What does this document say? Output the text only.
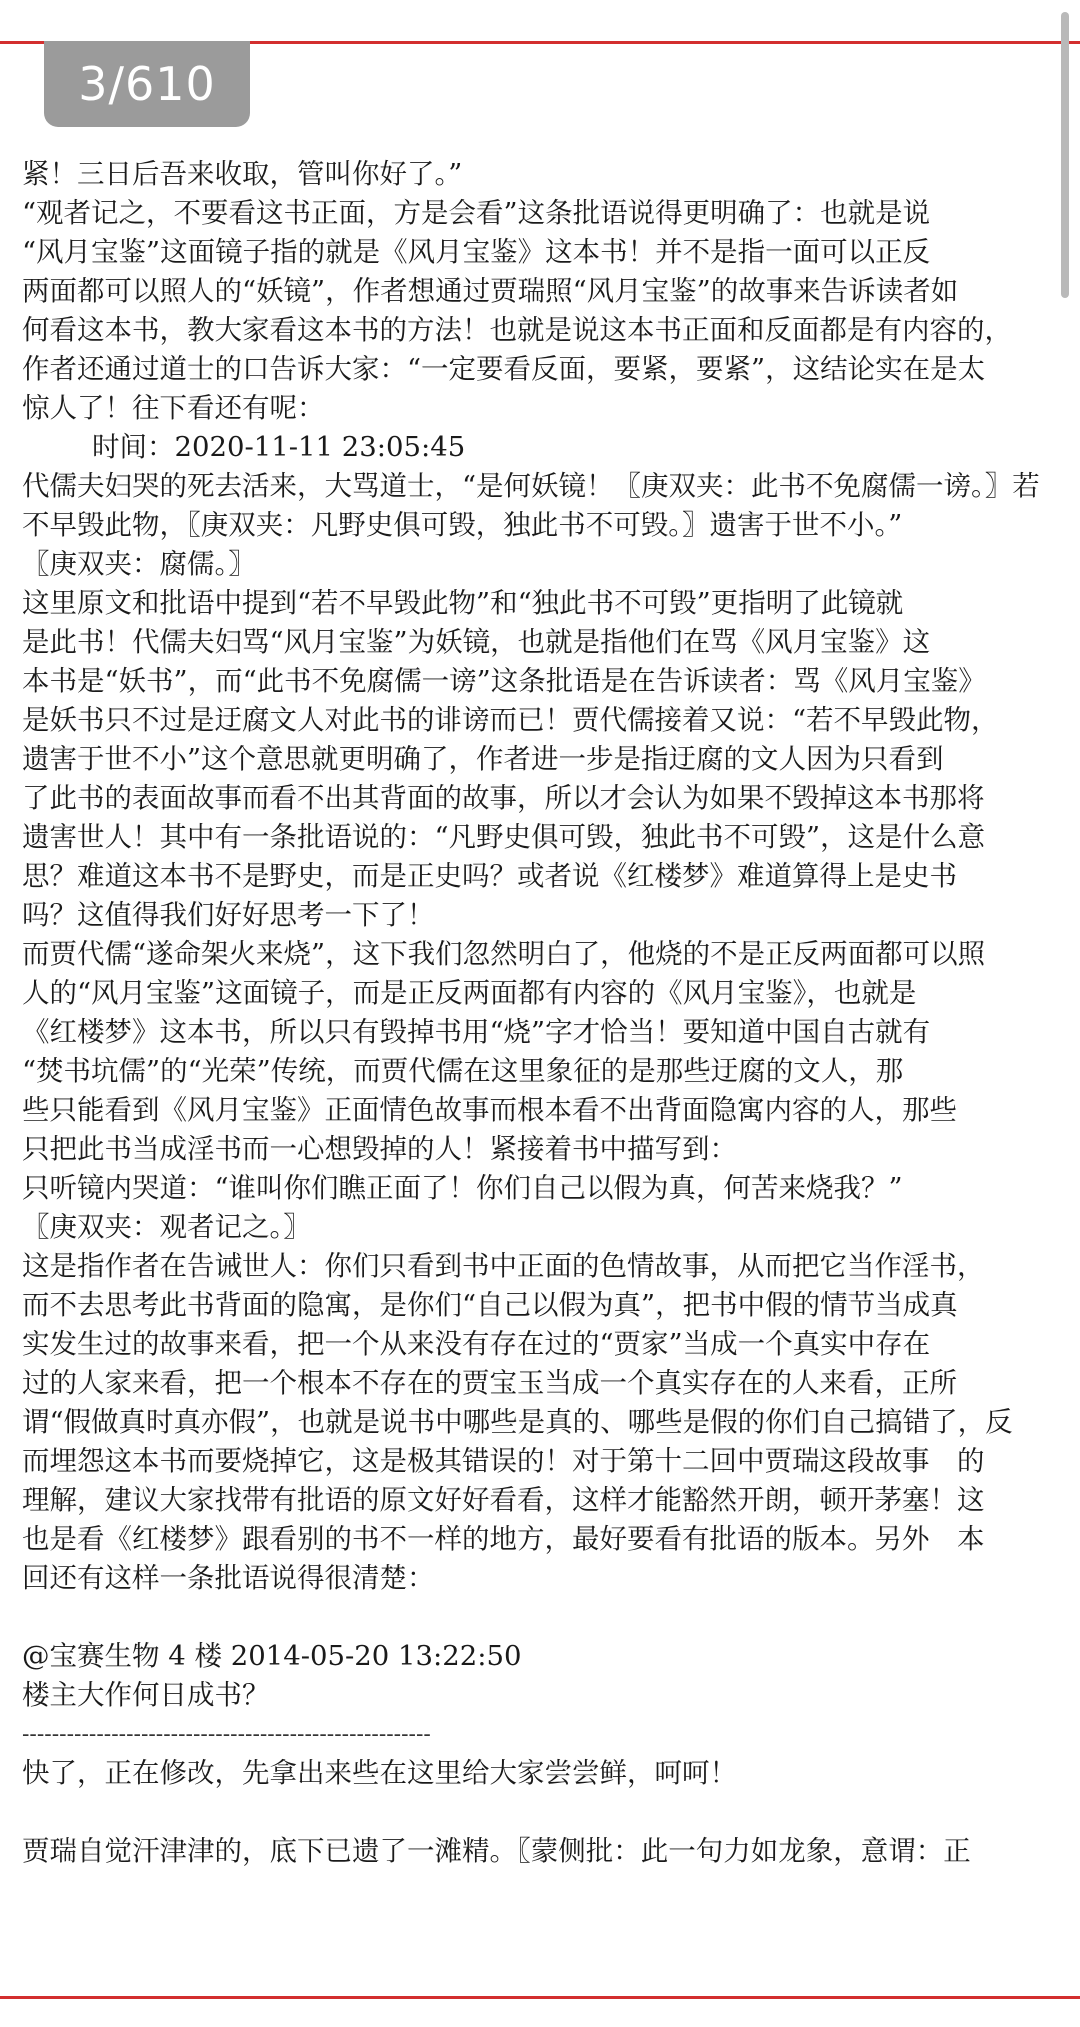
3/610
紧！三日后吾来收取，管叫你好了。”
“观者记之，不要看这书正面，方是会看”这条批语说得更明确了：也就是说
“风月宝鉴”这面镜子指的就是《风月宝鉴》这本书！并不是指一面可以正反
两面都可以照人的“妖镜”，作者想通过贾瑞照“风月宝鉴”的故事来告诉读者如
何看这本书，教大家看这本书的方法！也就是说这本书正面和反面都是有内容的，
作者还通过道士的口告诉大家：“一定要看反面，要紧，要紧”，这结论实在是太
惊人了！往下看还有呢：
时间：2020-11-11 23:05:45
代儒夫妇哭的死去活来，大骂道士，“是何妖镜！〖庚双夹：此书不免腐儒一谤。〗若
不早毁此物，〖庚双夹：凡野史俱可毁，独此书不可毁。〗遗害于世不小。”
〖庚双夹：腐儒。〗
这里原文和批语中提到“若不早毁此物”和“独此书不可毁”更指明了此镜就
是此书！代儒夫妇骂“风月宝鉴”为妖镜，也就是指他们在骂《风月宝鉴》这
本书是“妖书”，而“此书不免腐儒一谤”这条批语是在告诉读者：骂《风月宝鉴》
是妖书只不过是迂腐文人对此书的诽谤而已！贾代儒接着又说：“若不早毁此物，
遗害于世不小”这个意思就更明确了，作者进一步是指迂腐的文人因为只看到
了此书的表面故事而看不出其背面的故事，所以才会认为如果不毁掉这本书那将
遗害世人！其中有一条批语说的：“凡野史俱可毁，独此书不可毁”，这是什么意
思？难道这本书不是野史，而是正史吗？或者说《红楼梦》难道算得上是史书
吗？这值得我们好好思考一下了！
而贾代儒“遂命架火来烧”，这下我们忽然明白了，他烧的不是正反两面都可以照
人的“风月宝鉴”这面镜子，而是正反两面都有内容的《风月宝鉴》，也就是
《红楼梦》这本书，所以只有毁掉书用“烧”字才恰当！要知道中国自古就有
“焚书坑儒”的“光荣”传统，而贾代儒在这里象征的是那些迂腐的文人，那
些只能看到《风月宝鉴》正面情色故事而根本看不出背面隐寓内容的人，那些
只把此书当成淫书而一心想毁掉的人！紧接着书中描写到：
只听镜内哭道：“谁叫你们瞧正面了！你们自己以假为真，何苦来烧我？”
〖庚双夹：观者记之。〗
这是指作者在告诫世人：你们只看到书中正面的色情故事，从而把它当作淫书，
而不去思考此书背面的隐寓，是你们“自己以假为真”，把书中假的情节当成真
实发生过的故事来看，把一个从来没有存在过的“贾家”当成一个真实中存在
过的人家来看，把一个根本不存在的贾宝玉当成一个真实存在的人来看，正所
谓“假做真时真亦假”，也就是说书中哪些是真的、哪些是假的你们自己搞错了，反
而埋怨这本书而要烧掉它，这是极其错误的！对于第十二回中贾瑞这段故事　的
理解，建议大家找带有批语的原文好好看看，这样才能豁然开朗，顿开茅塞！这
也是看《红楼梦》跟看别的书不一样的地方，最好要看有批语的版本。另外　本
回还有这样一条批语说得很清楚：
@宝赛生物 4 楼 2014-05-20 13:22:50
楼主大作何日成书？
-------------------------------------------------------
快了，正在修改，先拿出来些在这里给大家尝尝鲜，呵呵！
贾瑞自觉汗津津的，底下已遗了一滩精。〖蒙侧批：此一句力如龙象，意谓：正
